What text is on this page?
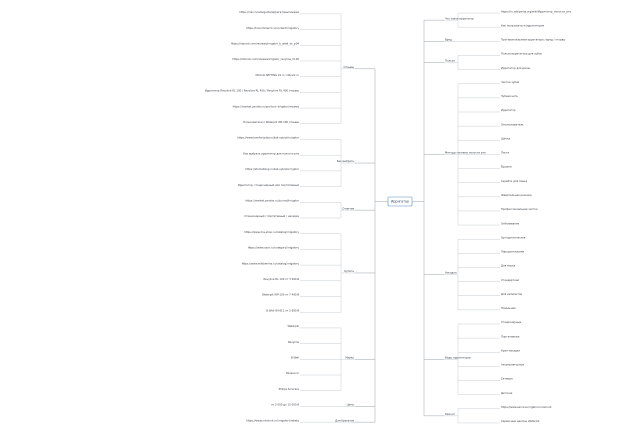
Отзывы
https://ciao.ru/ads/guide/ирригаторы/reviews
https://irecommend.ru/content/irrigatory
https://otzovik.com/reviews/irrigator_b_weel_wr_p04
https://otzovik.com/reviews/irrigator_revyline_rl100
Otzovik SETTING 10.4 / otzovik ru
Ирригатор Revyline RL 100 / Revyline RL 450 / Revyline RL 400 отзывы
https://market.yandex.ru/product--irrigator/reviews
Пользователи о Waterpik WP-100 отзывы
Как выбрать
https://www.komfortzuby.ru/kak-vybrat-irrigator
Как выбрать ирригатор для полости рта
https://stomatolog.ru/kak-vybrat-irrigator
Ирригатор: стационарный или портативный
Отличия
https://market.yandex.ru/journal/irrigator
Стационарный / портативный / насадка
Купить
https://www.dns-shop.ru/catalog/irrigatory
https://www.ozon.ru/category/irrigatory
https://www.wildberries.ru/catalog/irrigatory
Revyline RL 100 от 3 990 ₽
Waterpik WP-100 от 7 490 ₽
B.Well WI-911 от 2 690 ₽
Марки
Waterpik
Revyline
B.Well
Panasonic
Philips Sonicare
Цены
от 2 000 до 15 000 ₽
Для брекетов
https://www.ortodont.ru/irrigator-brekety
Что такое ирригатор
https://ru.wikipedia.org/wiki/Ирригатор_полости_рта
Как пользоваться ирригатором
Вред	Противопоказания ирригатора / вред / отзывы
Польза
Польза ирригатора для зубов
Ирригатор для десен
Методы гигиены полости рта
Чистка зубов
Зубная нить
Ирригатор
Ополаскиватель
Щётка
Паста
Ёршики
Скребок для языка
Жевательная резинка
Профессиональная чистка
Отбеливание
Насадки
Ортодонтическая
Пародонтальная
Для языка
Стандартная
Для имплантов
Назальная
Виды ирригаторов
Стационарные
Портативные
Кран-насадки
Аккумуляторные
Сетевые
Детские
Ремонт
https://www.service-irrigator.ru/remont
Сервисные центры Waterpik
Ирригатор
